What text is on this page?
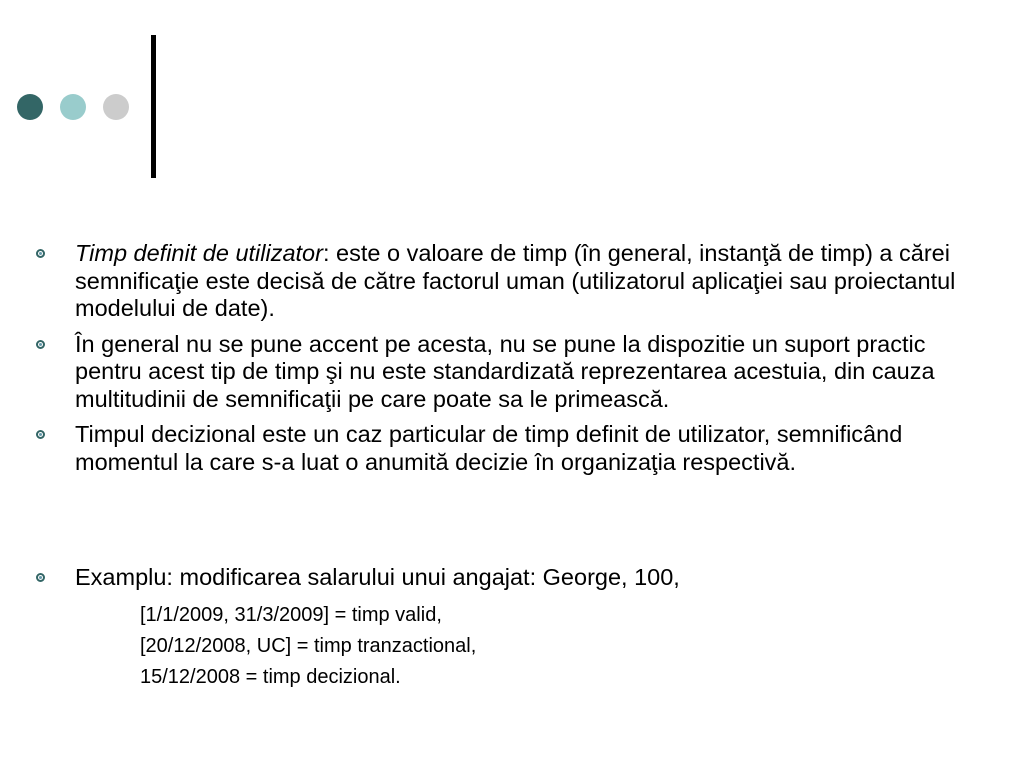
Timp definit de utilizator: este o valoare de timp (în general, instanţă de timp) a cărei semnificaţie este decisă de către factorul uman (utilizatorul aplicaţiei sau proiectantul modelului de date).
În general nu se pune accent pe acesta, nu se pune la dispozitie un suport practic pentru acest tip de timp şi nu este standardizată reprezentarea acestuia, din cauza multitudinii de semnificaţii pe care poate sa le primească.
Timpul decizional este un caz particular de timp definit de utilizator, semnificând momentul la care s-a luat o anumită decizie în organizaţia respectivă.
Examplu: modificarea salarului unui angajat: George, 100,
[1/1/2009, 31/3/2009] = timp valid,
[20/12/2008, UC] = timp tranzactional,
15/12/2008 = timp decizional.
